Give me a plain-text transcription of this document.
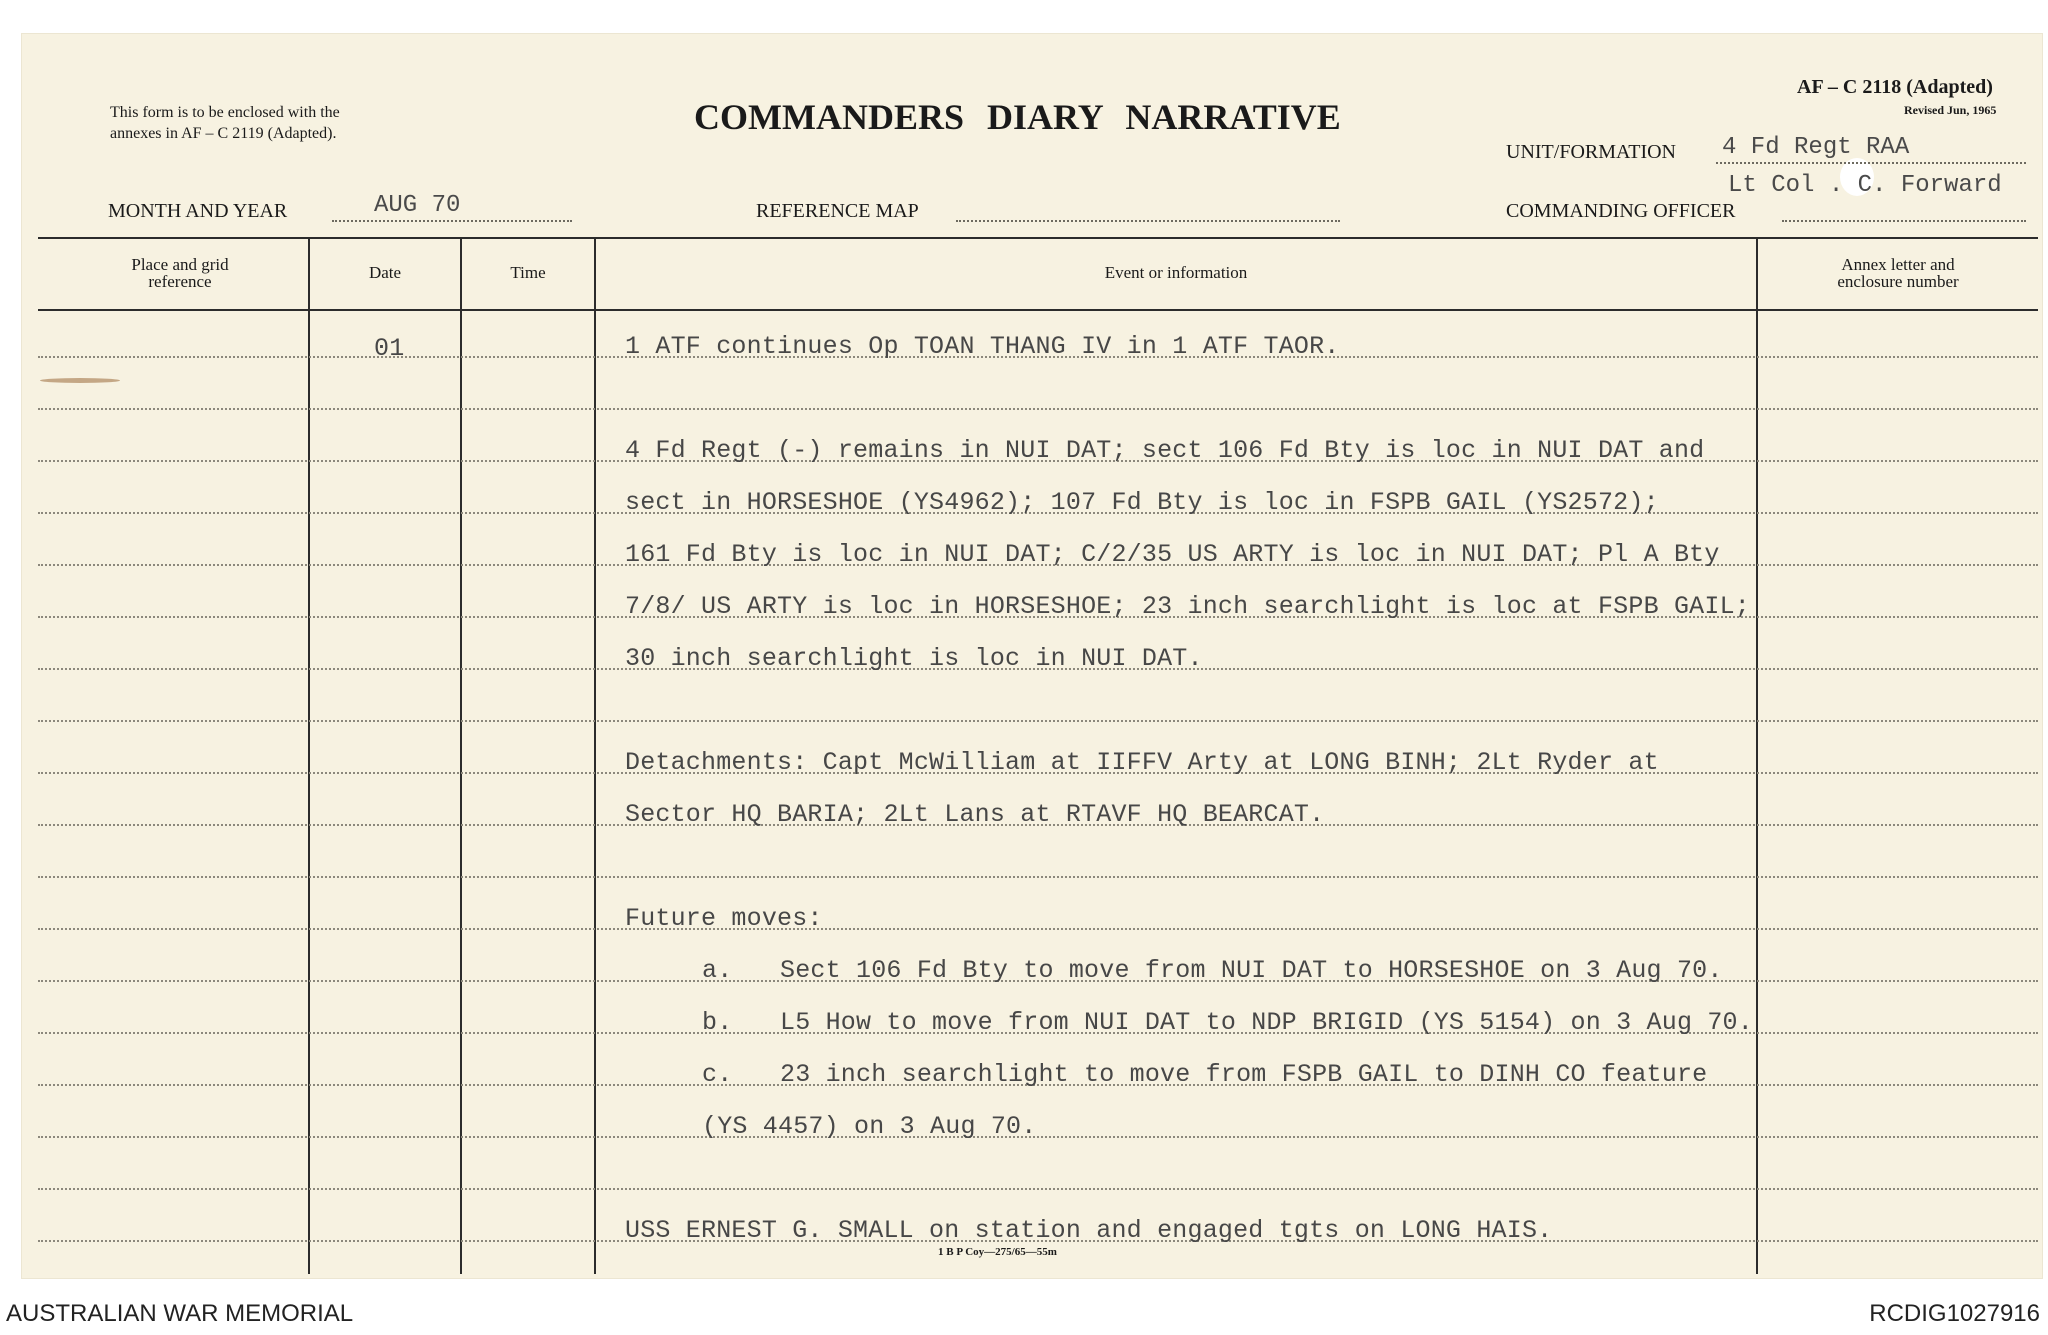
This form is to be enclosed with the
annexes in AF – C 2119 (Adapted).	COMMANDERS DIARY NARRATIVE
AF – C 2118 (Adapted)
Revised Jun, 1965
UNIT/FORMATION 4 Fd Regt RAA
Lt Col . C. Forward
MONTH AND YEAR	AUG 70	REFERENCE MAP	COMMANDING OFFICER
Place and grid
reference	Date	Time	Event or information	Annex letter and
enclosure number
01	1 ATF continues Op TOAN THANG IV in 1 ATF TAOR.
4 Fd Regt (-) remains in NUI DAT; sect 106 Fd Bty is loc in NUI DAT and
sect in HORSESHOE (YS4962); 107 Fd Bty is loc in FSPB GAIL (YS2572);
161 Fd Bty is loc in NUI DAT; C/2/35 US ARTY is loc in NUI DAT; Pl A Bty
7/8/ US ARTY is loc in HORSESHOE; 23 inch searchlight is loc at FSPB GAIL;
30 inch searchlight is loc in NUI DAT.
Detachments: Capt McWilliam at IIFFV Arty at LONG BINH; 2Lt Ryder at
Sector HQ BARIA; 2Lt Lans at RTAVF HQ BEARCAT.
Future moves:
a. Sect 106 Fd Bty to move from NUI DAT to HORSESHOE on 3 Aug 70.
b. L5 How to move from NUI DAT to NDP BRIGID (YS 5154) on 3 Aug 70.
c. 23 inch searchlight to move from FSPB GAIL to DINH CO feature
(YS 4457) on 3 Aug 70.
USS ERNEST G. SMALL on station and engaged tgts on LONG HAIS.
1 B P Coy—275/65—55m
AUSTRALIAN WAR MEMORIAL	RCDIG1027916
